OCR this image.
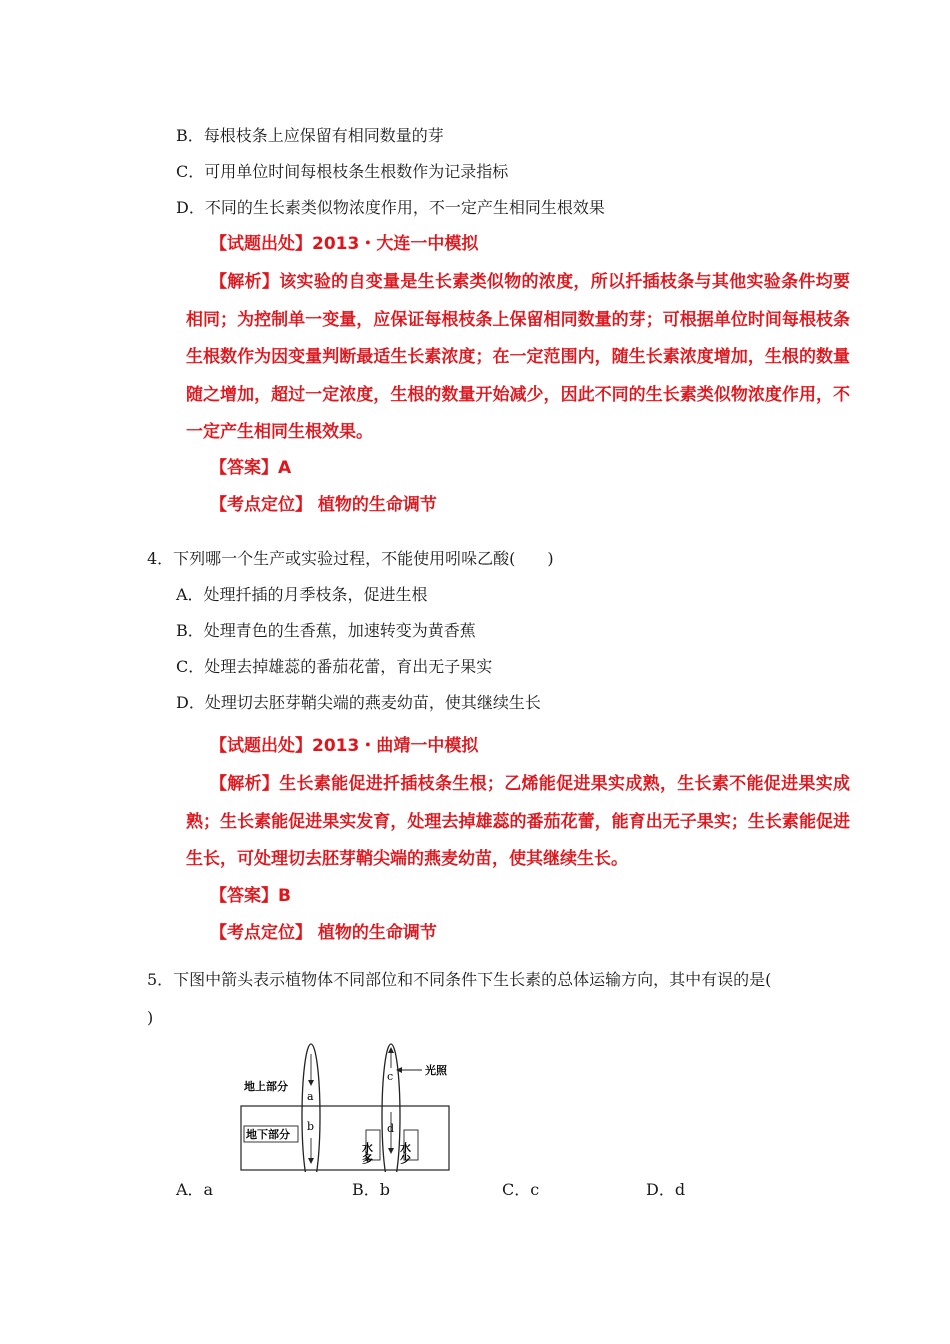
B．每根枝条上应保留有相同数量的芽
C．可用单位时间每根枝条生根数作为记录指标
D．不同的生长素类似物浓度作用，不一定产生相同生根效果
【试题出处】2013・大连一中模拟
【解析】该实验的自变量是生长素类似物的浓度，所以扦插枝条与其他实验条件均要相同；为控制单一变量，应保证每根枝条上保留相同数量的芽；可根据单位时间每根枝条生根数作为因变量判断最适生长素浓度；在一定范围内，随生长素浓度增加，生根的数量随之增加，超过一定浓度，生根的数量开始减少，因此不同的生长素类似物浓度作用，不一定产生相同生根效果。
【答案】A
【考点定位】 植物的生命调节
4．下列哪一个生产或实验过程，不能使用吲哚乙酸(　　)
A．处理扦插的月季枝条，促进生根
B．处理青色的生香蕉，加速转变为黄香蕉
C．处理去掉雄蕊的番茄花蕾，育出无子果实
D．处理切去胚芽鞘尖端的燕麦幼苗，使其继续生长
【试题出处】2013・曲靖一中模拟
【解析】生长素能促进扦插枝条生根；乙烯能促进果实成熟，生长素不能促进果实成熟；生长素能促进果实发育，处理去掉雄蕊的番茄花蕾，能育出无子果实；生长素能促进生长，可处理切去胚芽鞘尖端的燕麦幼苗，使其继续生长。
【答案】B
【考点定位】 植物的生命调节
5．下图中箭头表示植物体不同部位和不同条件下生长素的总体运输方向，其中有误的是(
)
a
b
c
d
光照
地上部分
地下部分
水多 水少
A．a	B．b	C．c	D．d
